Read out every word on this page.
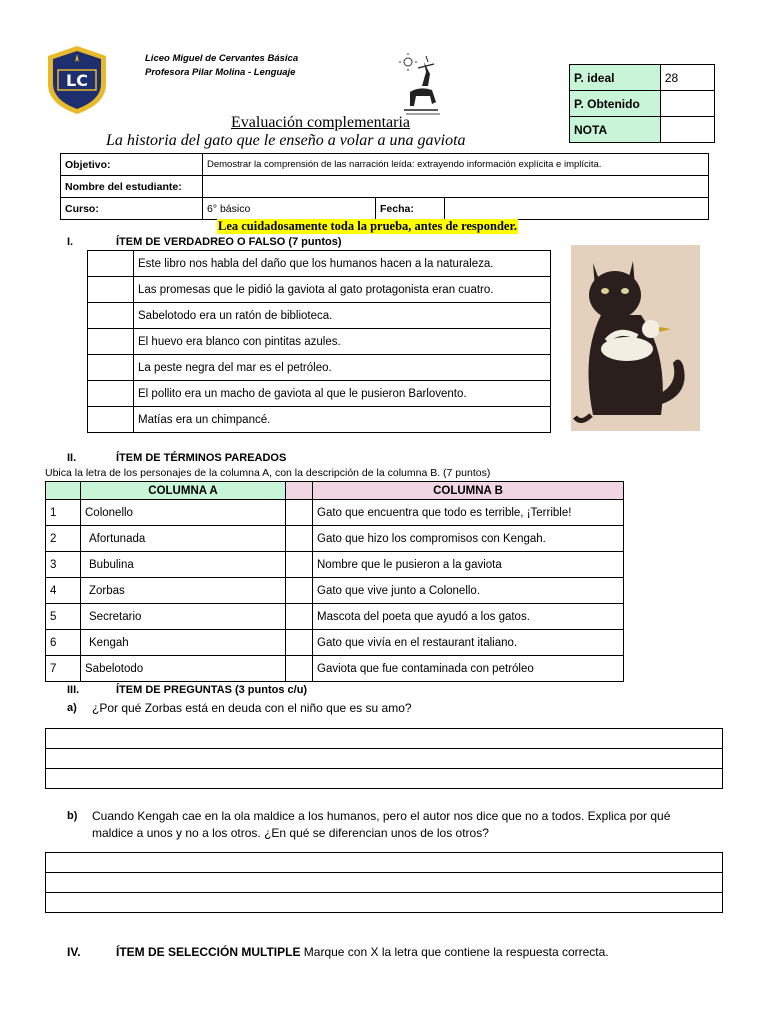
LC
Liceo Miguel de Cervantes Básica
Profesora Pilar Molina - Lenguaje	P. ideal	28
P. Obtenido	
NOTA	
Evaluación complementaria
La historia del gato que le enseño a volar a una gaviota
Objetivo:	Demostrar la comprensión de las narración leída: extrayendo información explícita e implícita.		
Nombre del estudiante:			
Curso:	6° básico	Fecha:	
Lea cuidadosamente toda la prueba, antes de responder.
I.	ÍTEM DE VERDADREO O FALSO (7 puntos)
	Este libro nos habla del daño que los humanos hacen a la naturaleza.
	Las promesas que le pidió la gaviota al gato protagonista eran cuatro.
	Sabelotodo era un ratón de biblioteca.
	El huevo era blanco con pintitas azules.
	La peste negra del mar es el petróleo.
	El pollito era un macho de gaviota al que le pusieron Barlovento.
	Matías era un chimpancé.
II.	ÍTEM DE TÉRMINOS PAREADOS
Ubica la letra de los personajes de la columna A, con la descripción de la columna B. (7 puntos)
	COLUMNA A		COLUMNA B
1	Colonello		Gato que encuentra que todo es terrible, ¡Terrible!
2	Afortunada		Gato que hizo los compromisos con Kengah.
3	Bubulina		Nombre que le pusieron a la gaviota
4	Zorbas		Gato que vive junto a Colonello.
5	Secretario		Mascota del poeta que ayudó a los gatos.
6	Kengah		Gato que vivía en el restaurant italiano.
7	Sabelotodo		Gaviota que fue contaminada con petróleo
III.	ÍTEM DE PREGUNTAS (3 puntos c/u)
a) ¿Por qué Zorbas está en deuda con el niño que es su amo?

b) Cuando Kengah cae en la ola maldice a los humanos, pero el autor nos dice que no a todos. Explica por qué
maldice a unos y no a los otros. ¿En qué se diferencian unos de los otros?

IV.	ÍTEM DE SELECCIÓN MULTIPLE Marque con X la letra que contiene la respuesta correcta.
